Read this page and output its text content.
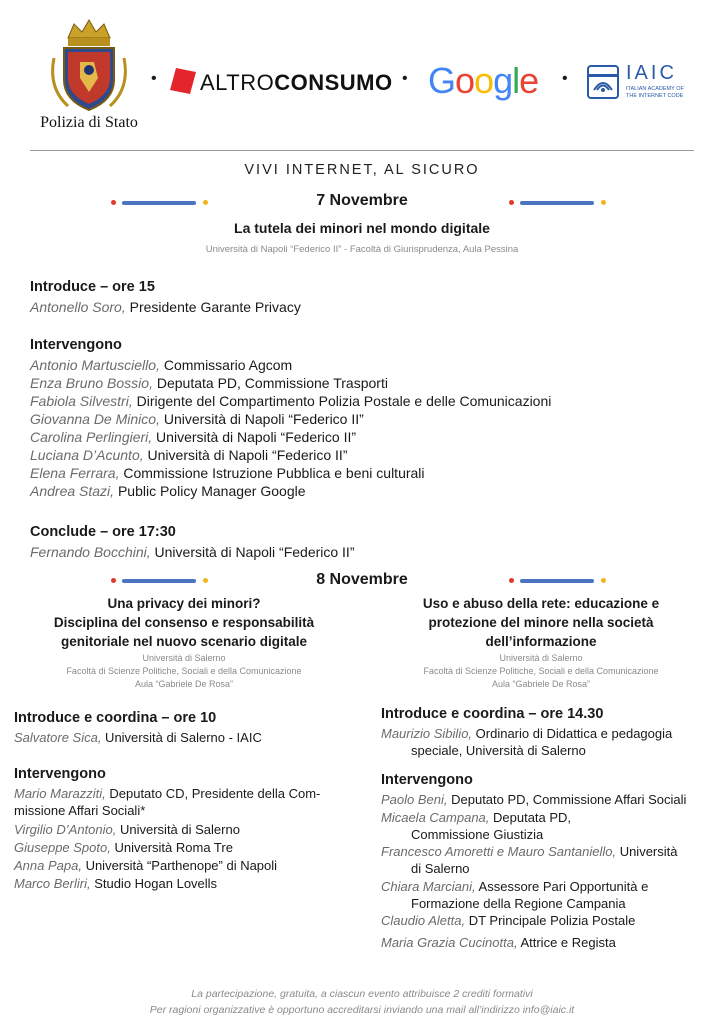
Polizia di Stato
• ALTROCONSUMO • Google •	IAIC
ITALIAN ACADEMY OF
THE INTERNET CODE
VIVI INTERNET, AL SICURO
7 Novembre
La tutela dei minori nel mondo digitale
Università di Napoli “Federico II” - Facoltà di Giurisprudenza, Aula Pessina
Introduce – ore 15
Antonello Soro, Presidente Garante Privacy
Intervengono
Antonio Martusciello, Commissario Agcom
Enza Bruno Bossio, Deputata PD, Commissione Trasporti
Fabiola Silvestri, Dirigente del Compartimento Polizia Postale e delle Comunicazioni
Giovanna De Minico, Università di Napoli “Federico II”
Carolina Perlingieri, Università di Napoli “Federico II”
Luciana D’Acunto, Università di Napoli “Federico II”
Elena Ferrara, Commissione Istruzione Pubblica e beni culturali
Andrea Stazi, Public Policy Manager Google
Conclude – ore 17:30
Fernando Bocchini, Università di Napoli “Federico II”
8 Novembre
Una privacy dei minori?
Disciplina del consenso e responsabilità
genitoriale nel nuovo scenario digitale
Università di Salerno
Facoltà di Scienze Politiche, Sociali e della Comunicazione
Aula “Gabriele De Rosa”
Introduce e coordina – ore 10
Salvatore Sica, Università di Salerno - IAIC
Intervengono
Mario Marazziti, Deputato CD, Presidente della Com-
missione Affari Sociali*
Virgilio D’Antonio, Università di Salerno
Giuseppe Spoto, Università Roma Tre
Anna Papa, Università “Parthenope” di Napoli
Marco Berliri, Studio Hogan Lovells
Uso e abuso della rete: educazione e
protezione del minore nella società
dell’informazione
Università di Salerno
Facoltà di Scienze Politiche, Sociali e della Comunicazione
Aula “Gabriele De Rosa”
Introduce e coordina – ore 14.30
Maurizio Sibilio, Ordinario di Didattica e pedagogia
speciale, Università di Salerno
Intervengono
Paolo Beni, Deputato PD, Commissione Affari Sociali
Micaela Campana, Deputata PD,
Commissione Giustizia
Francesco Amoretti e Mauro Santaniello, Università
di Salerno
Chiara Marciani, Assessore Pari Opportunità e
Formazione della Regione Campania
Claudio Aletta, DT Principale Polizia Postale
Maria Grazia Cucinotta, Attrice e Regista
La partecipazione, gratuita, a ciascun evento attribuisce 2 crediti formativi
Per ragioni organizzative è opportuno accreditarsi inviando una mail all’indirizzo info@iaic.it
